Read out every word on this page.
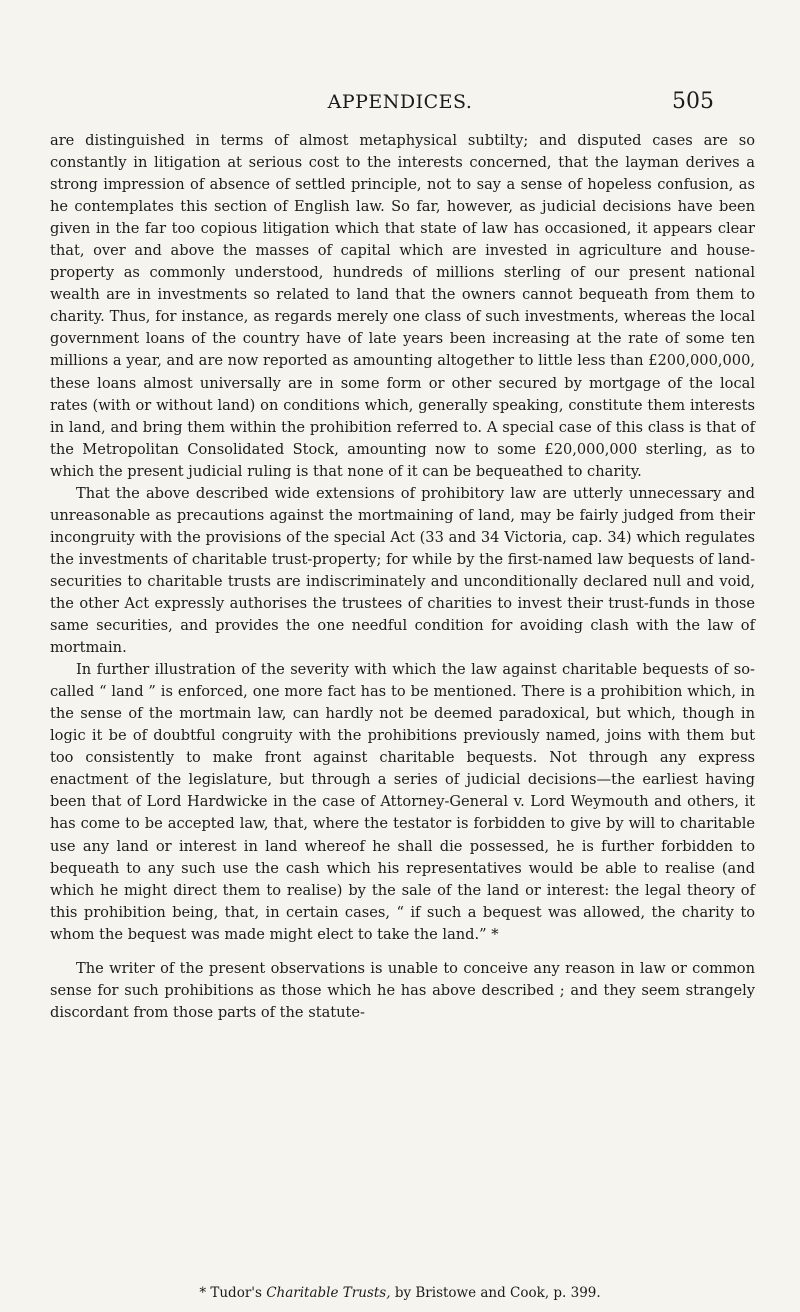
APPENDICES.	505

are distinguished in terms of almost metaphysical subtilty; and disputed cases are so constantly in litigation at serious cost to the interests concerned, that the layman derives a strong impression of absence of settled principle, not to say a sense of hopeless confusion, as he contemplates this section of English law. So far, however, as judicial decisions have been given in the far too copious litigation which that state of law has occasioned, it appears clear that, over and above the masses of capital which are invested in agriculture and house-property as commonly understood, hundreds of millions sterling of our present national wealth are in investments so related to land that the owners cannot bequeath from them to charity. Thus, for instance, as regards merely one class of such investments, whereas the local government loans of the country have of late years been increasing at the rate of some ten millions a year, and are now reported as amounting altogether to little less than £200,000,000, these loans almost universally are in some form or other secured by mortgage of the local rates (with or without land) on conditions which, generally speaking, constitute them interests in land, and bring them within the prohibition referred to. A special case of this class is that of the Metropolitan Consolidated Stock, amounting now to some £20,000,000 sterling, as to which the present judicial ruling is that none of it can be bequeathed to charity.

That the above described wide extensions of prohibitory law are utterly unnecessary and unreasonable as precautions against the mortmaining of land, may be fairly judged from their incongruity with the provisions of the special Act (33 and 34 Victoria, cap. 34) which regulates the investments of charitable trust-property; for while by the first-named law bequests of land-securities to charitable trusts are indiscriminately and unconditionally declared null and void, the other Act expressly authorises the trustees of charities to invest their trust-funds in those same securities, and provides the one needful condition for avoiding clash with the law of mortmain.

In further illustration of the severity with which the law against charitable bequests of so-called “ land ” is enforced, one more fact has to be mentioned. There is a prohibition which, in the sense of the mortmain law, can hardly not be deemed paradoxical, but which, though in logic it be of doubtful congruity with the prohibitions previously named, joins with them but too consistently to make front against charitable bequests. Not through any express enactment of the legislature, but through a series of judicial decisions—the earliest having been that of Lord Hardwicke in the case of Attorney-General v. Lord Weymouth and others, it has come to be accepted law, that, where the testator is forbidden to give by will to charitable use any land or interest in land whereof he shall die possessed, he is further forbidden to bequeath to any such use the cash which his representatives would be able to realise (and which he might direct them to realise) by the sale of the land or interest: the legal theory of this prohibition being, that, in certain cases, “ if such a bequest was allowed, the charity to whom the bequest was made might elect to take the land.” *

The writer of the present observations is unable to conceive any reason in law or common sense for such prohibitions as those which he has above described ; and they seem strangely discordant from those parts of the statute-

* Tudor's Charitable Trusts, by Bristowe and Cook, p. 399.
